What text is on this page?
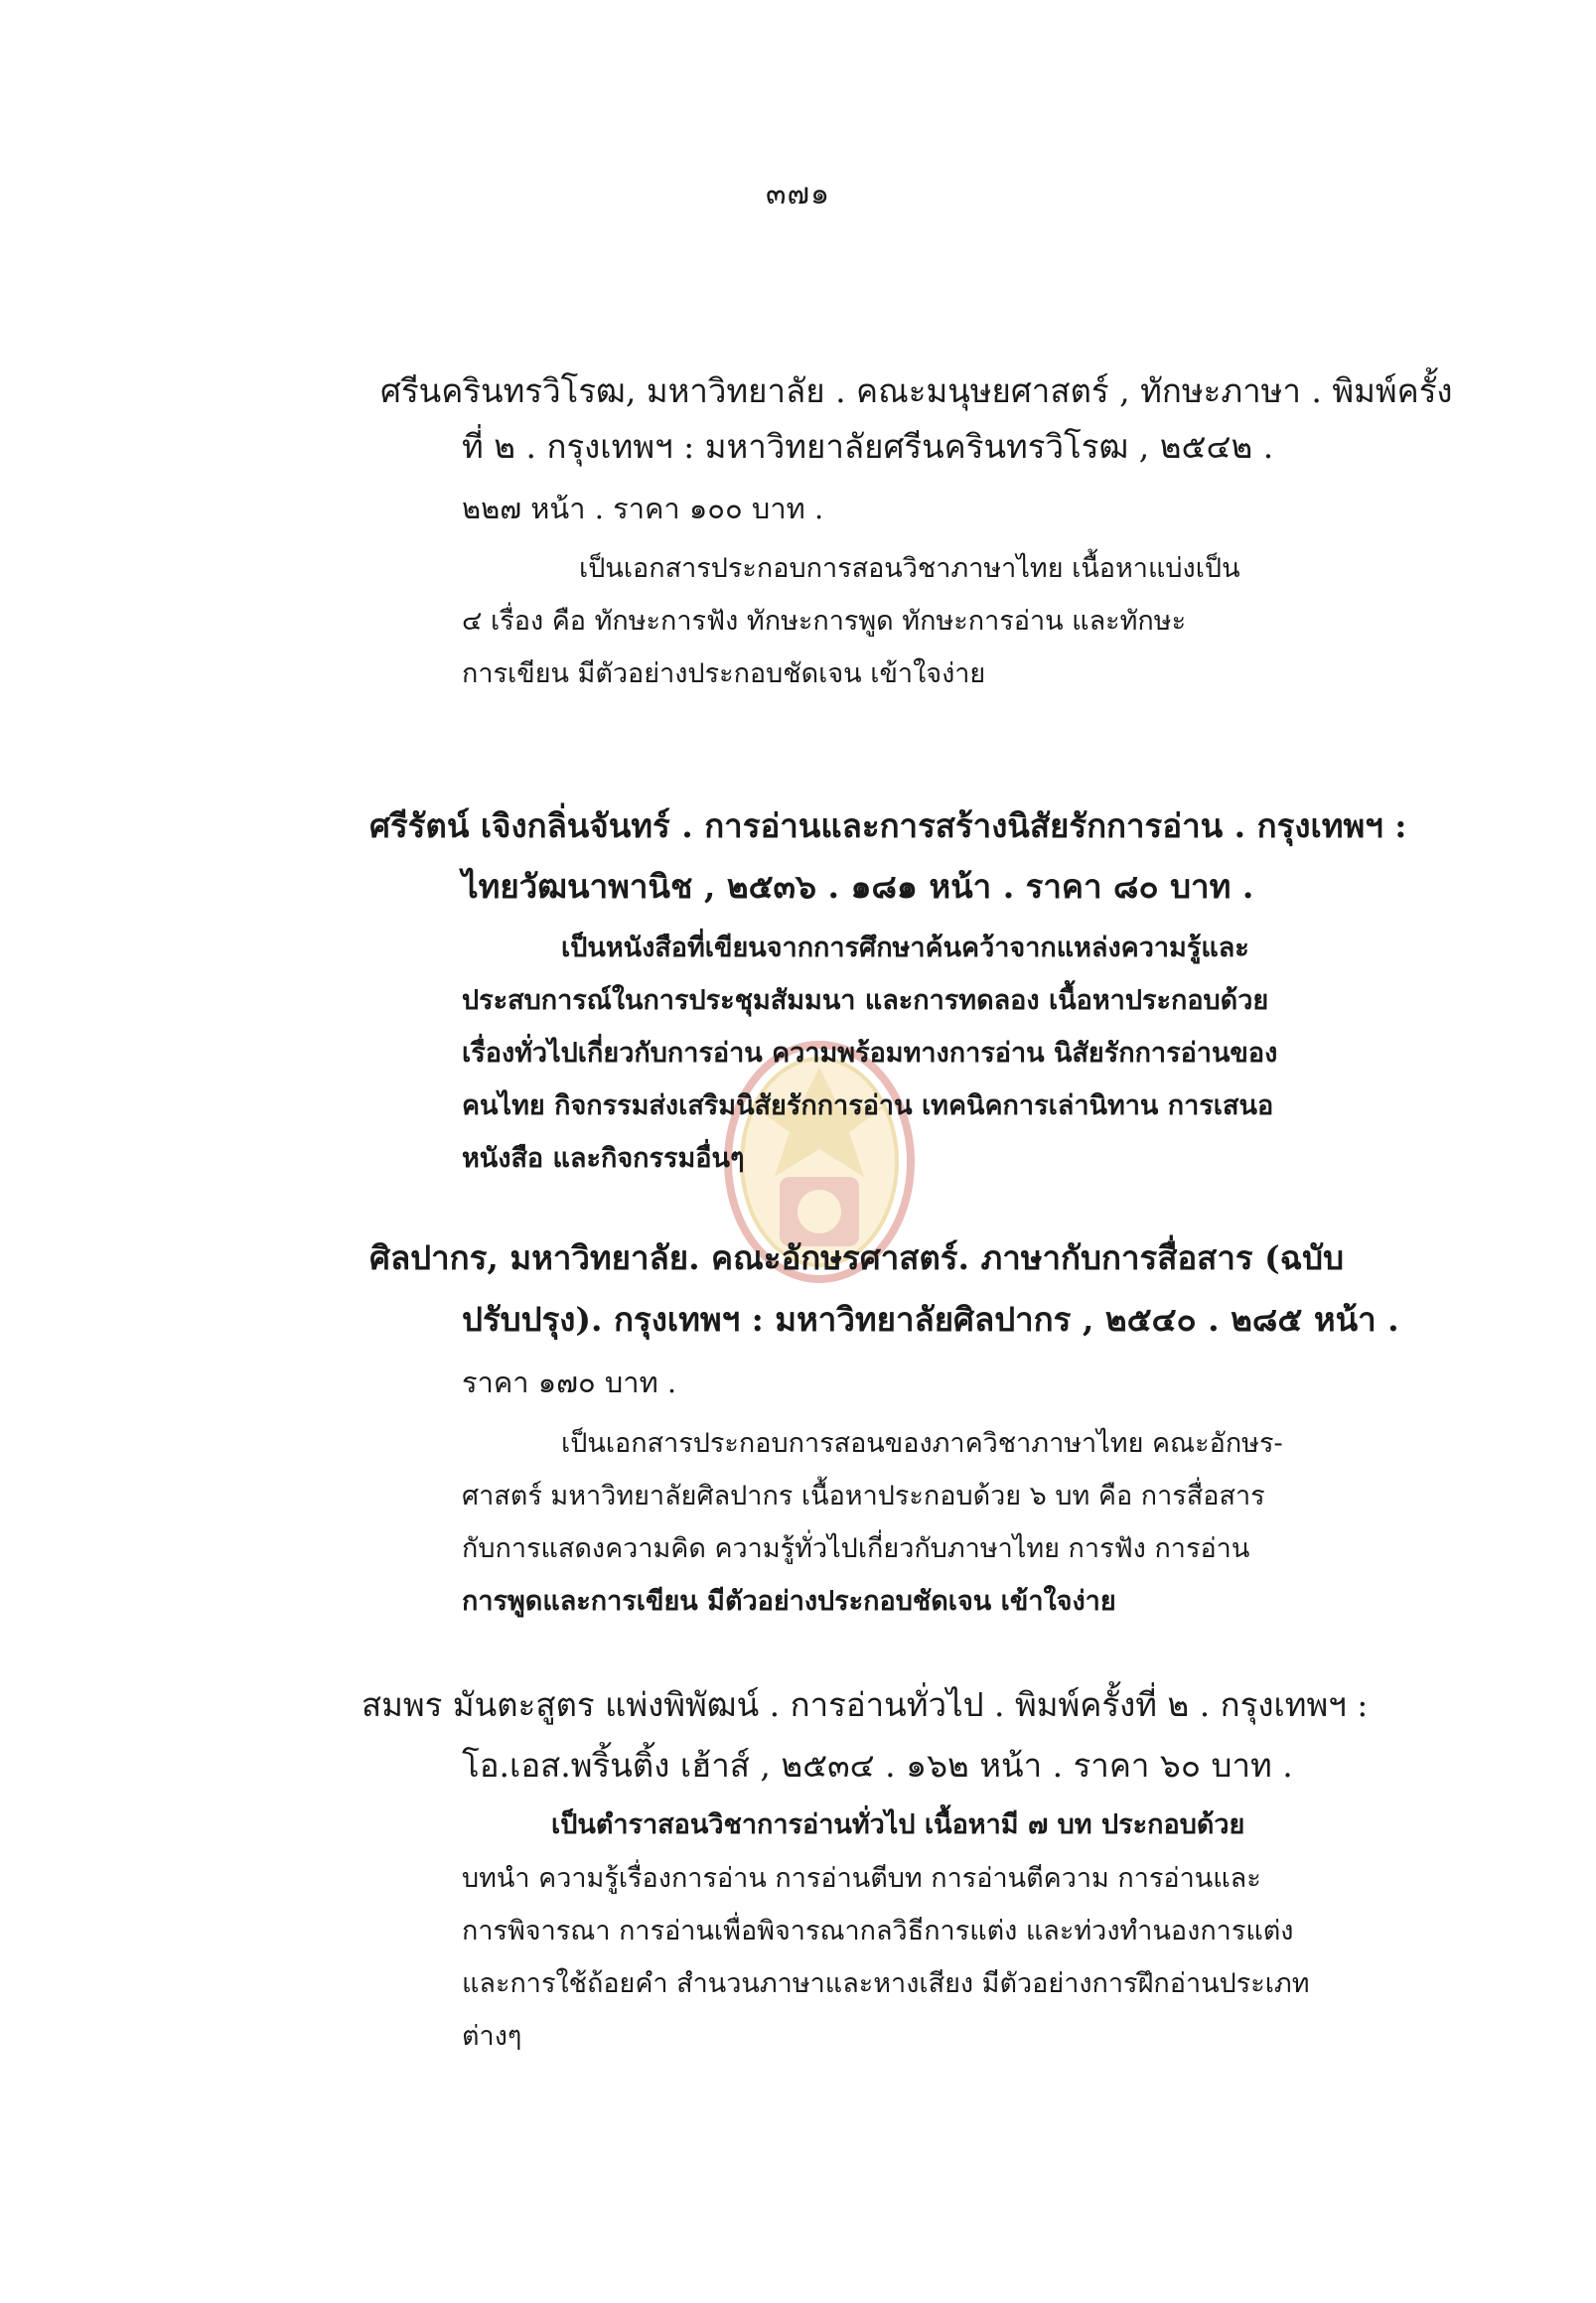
๓๗๑
ศรีนครินทรวิโรฒ, มหาวิทยาลัย . คณะมนุษยศาสตร์ , ทักษะภาษา . พิมพ์ครั้ง
ที่ ๒ . กรุงเทพฯ : มหาวิทยาลัยศรีนครินทรวิโรฒ , ๒๕๔๒ .
๒๒๗ หน้า . ราคา ๑๐๐ บาท .
เป็นเอกสารประกอบการสอนวิชาภาษาไทย เนื้อหาแบ่งเป็น
๔ เรื่อง คือ ทักษะการฟัง ทักษะการพูด ทักษะการอ่าน และทักษะ
การเขียน มีตัวอย่างประกอบชัดเจน เข้าใจง่าย
ศรีรัตน์ เจิงกลิ่นจันทร์ . การอ่านและการสร้างนิสัยรักการอ่าน . กรุงเทพฯ :
ไทยวัฒนาพานิช , ๒๕๓๖ . ๑๘๑ หน้า . ราคา ๘๐ บาท .
เป็นหนังสือที่เขียนจากการศึกษาค้นคว้าจากแหล่งความรู้และ
ประสบการณ์ในการประชุมสัมมนา และการทดลอง เนื้อหาประกอบด้วย
เรื่องทั่วไปเกี่ยวกับการอ่าน ความพร้อมทางการอ่าน นิสัยรักการอ่านของ
คนไทย กิจกรรมส่งเสริมนิสัยรักการอ่าน เทคนิคการเล่านิทาน การเสนอ
หนังสือ และกิจกรรมอื่นๆ
ศิลปากร, มหาวิทยาลัย. คณะอักษรศาสตร์. ภาษากับการสื่อสาร (ฉบับ
ปรับปรุง). กรุงเทพฯ : มหาวิทยาลัยศิลปากร , ๒๕๔๐ . ๒๘๕ หน้า .
ราคา ๑๗๐ บาท .
เป็นเอกสารประกอบการสอนของภาควิชาภาษาไทย คณะอักษร-
ศาสตร์ มหาวิทยาลัยศิลปากร เนื้อหาประกอบด้วย ๖ บท คือ การสื่อสาร
กับการแสดงความคิด ความรู้ทั่วไปเกี่ยวกับภาษาไทย การฟัง การอ่าน
การพูดและการเขียน มีตัวอย่างประกอบชัดเจน เข้าใจง่าย
สมพร มันตะสูตร แพ่งพิพัฒน์ . การอ่านทั่วไป . พิมพ์ครั้งที่ ๒ . กรุงเทพฯ :
โอ.เอส.พริ้นติ้ง เฮ้าส์ , ๒๕๓๔ . ๑๖๒ หน้า . ราคา ๖๐ บาท .
เป็นตำราสอนวิชาการอ่านทั่วไป เนื้อหามี ๗ บท ประกอบด้วย
บทนำ ความรู้เรื่องการอ่าน การอ่านตีบท การอ่านตีความ การอ่านและ
การพิจารณา การอ่านเพื่อพิจารณากลวิธีการแต่ง และท่วงทำนองการแต่ง
และการใช้ถ้อยคำ สำนวนภาษาและหางเสียง มีตัวอย่างการฝึกอ่านประเภท
ต่างๆ
